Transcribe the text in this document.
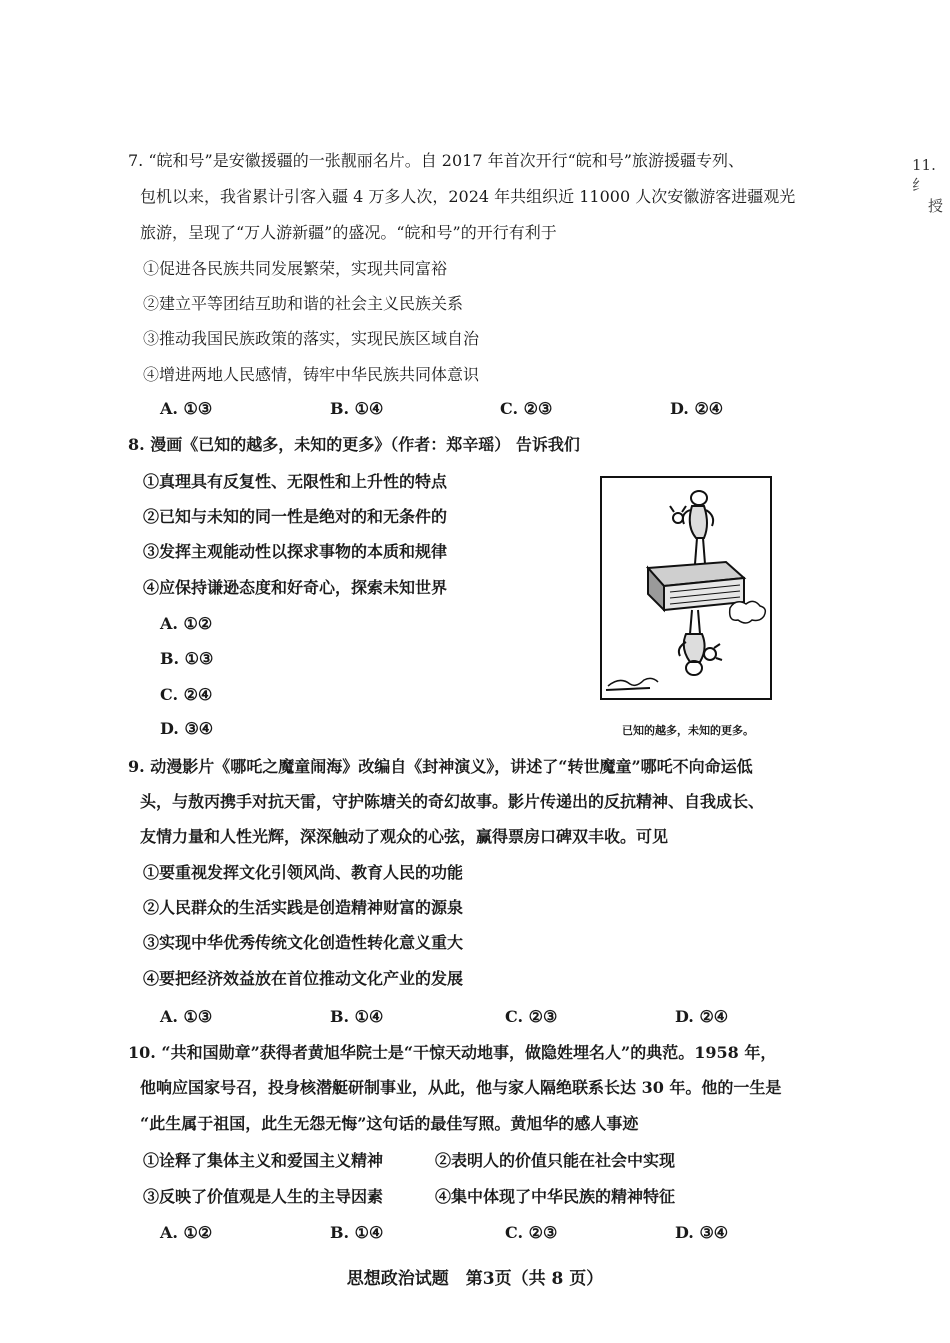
11. 纟
授
7. “皖和号”是安徽援疆的一张靓丽名片。自 2017 年首次开行“皖和号”旅游援疆专列、
包机以来，我省累计引客入疆 4 万多人次，2024 年共组织近 11000 人次安徽游客进疆观光
旅游，呈现了“万人游新疆”的盛况。“皖和号”的开行有利于
①促进各民族共同发展繁荣，实现共同富裕
②建立平等团结互助和谐的社会主义民族关系
③推动我国民族政策的落实，实现民族区域自治
④增进两地人民感情，铸牢中华民族共同体意识
A. ①③	B. ①④	C. ②③	D. ②④
8. 漫画《已知的越多，未知的更多》（作者：郑辛瑶） 告诉我们
①真理具有反复性、无限性和上升性的特点
②已知与未知的同一性是绝对的和无条件的
③发挥主观能动性以探求事物的本质和规律
④应保持谦逊态度和好奇心，探索未知世界
A. ①②
B. ①③
C. ②④
D. ③④	已知的越多，未知的更多。
9. 动漫影片《哪吒之魔童闹海》改编自《封神演义》，讲述了“转世魔童”哪吒不向命运低
头，与敖丙携手对抗天雷，守护陈塘关的奇幻故事。影片传递出的反抗精神、自我成长、
友情力量和人性光辉，深深触动了观众的心弦，赢得票房口碑双丰收。可见
①要重视发挥文化引领风尚、教育人民的功能
②人民群众的生活实践是创造精神财富的源泉
③实现中华优秀传统文化创造性转化意义重大
④要把经济效益放在首位推动文化产业的发展
A. ①③	B. ①④	C. ②③	D. ②④
10. “共和国勋章”获得者黄旭华院士是“干惊天动地事，做隐姓埋名人”的典范。1958 年，
他响应国家号召，投身核潜艇研制事业，从此，他与家人隔绝联系长达 30 年。他的一生是
“此生属于祖国，此生无怨无悔”这句话的最佳写照。黄旭华的感人事迹
①诠释了集体主义和爱国主义精神	②表明人的价值只能在社会中实现
③反映了价值观是人生的主导因素	④集中体现了中华民族的精神特征
A. ①②	B. ①④	C. ②③	D. ③④
思想政治试题　第3页（共 8 页）
